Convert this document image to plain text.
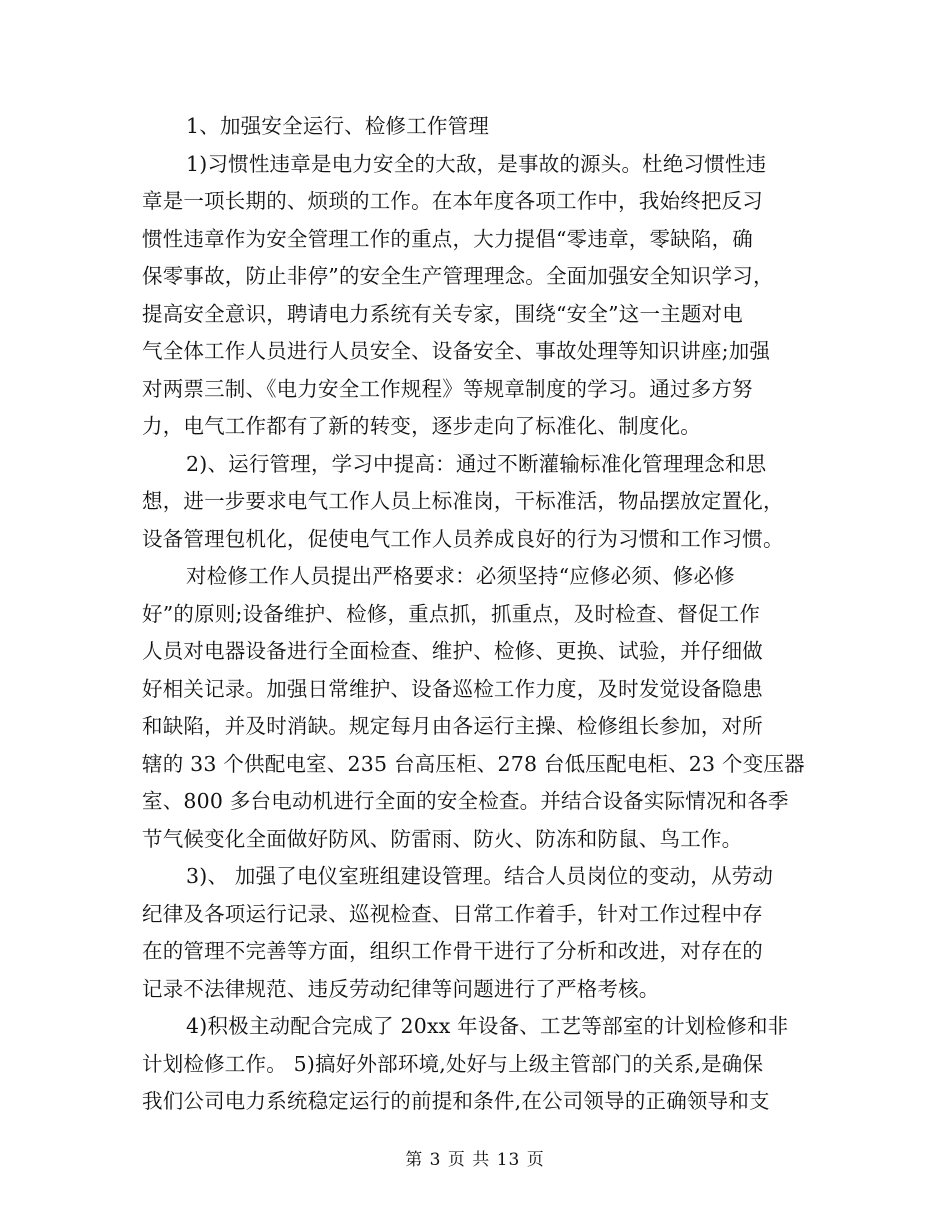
1、加强安全运行、检修工作管理
1)习惯性违章是电力安全的大敌，是事故的源头。杜绝习惯性违
章是一项长期的、烦琐的工作。在本年度各项工作中，我始终把反习
惯性违章作为安全管理工作的重点，大力提倡“零违章，零缺陷，确
保零事故，防止非停”的安全生产管理理念。全面加强安全知识学习，
提高安全意识，聘请电力系统有关专家，围绕“安全”这一主题对电
气全体工作人员进行人员安全、设备安全、事故处理等知识讲座;加强
对两票三制、《电力安全工作规程》等规章制度的学习。通过多方努
力，电气工作都有了新的转变，逐步走向了标准化、制度化。
2)、运行管理，学习中提高：通过不断灌输标准化管理理念和思
想，进一步要求电气工作人员上标准岗，干标准活，物品摆放定置化，
设备管理包机化，促使电气工作人员养成良好的行为习惯和工作习惯。
对检修工作人员提出严格要求：必须坚持“应修必须、修必修
好”的原则;设备维护、检修，重点抓，抓重点，及时检查、督促工作
人员对电器设备进行全面检查、维护、检修、更换、试验，并仔细做
好相关记录。加强日常维护、设备巡检工作力度，及时发觉设备隐患
和缺陷，并及时消缺。规定每月由各运行主操、检修组长参加，对所
辖的 33 个供配电室、235 台高压柜、278 台低压配电柜、23 个变压器
室、800 多台电动机进行全面的安全检查。并结合设备实际情况和各季
节气候变化全面做好防风、防雷雨、防火、防冻和防鼠、鸟工作。
3)、 加强了电仪室班组建设管理。结合人员岗位的变动，从劳动
纪律及各项运行记录、巡视检查、日常工作着手，针对工作过程中存
在的管理不完善等方面，组织工作骨干进行了分析和改进，对存在的
记录不法律规范、违反劳动纪律等问题进行了严格考核。
4)积极主动配合完成了 20xx 年设备、工艺等部室的计划检修和非
计划检修工作。 5)搞好外部环境,处好与上级主管部门的关系,是确保
我们公司电力系统稳定运行的前提和条件,在公司领导的正确领导和支
第 3 页 共 13 页
